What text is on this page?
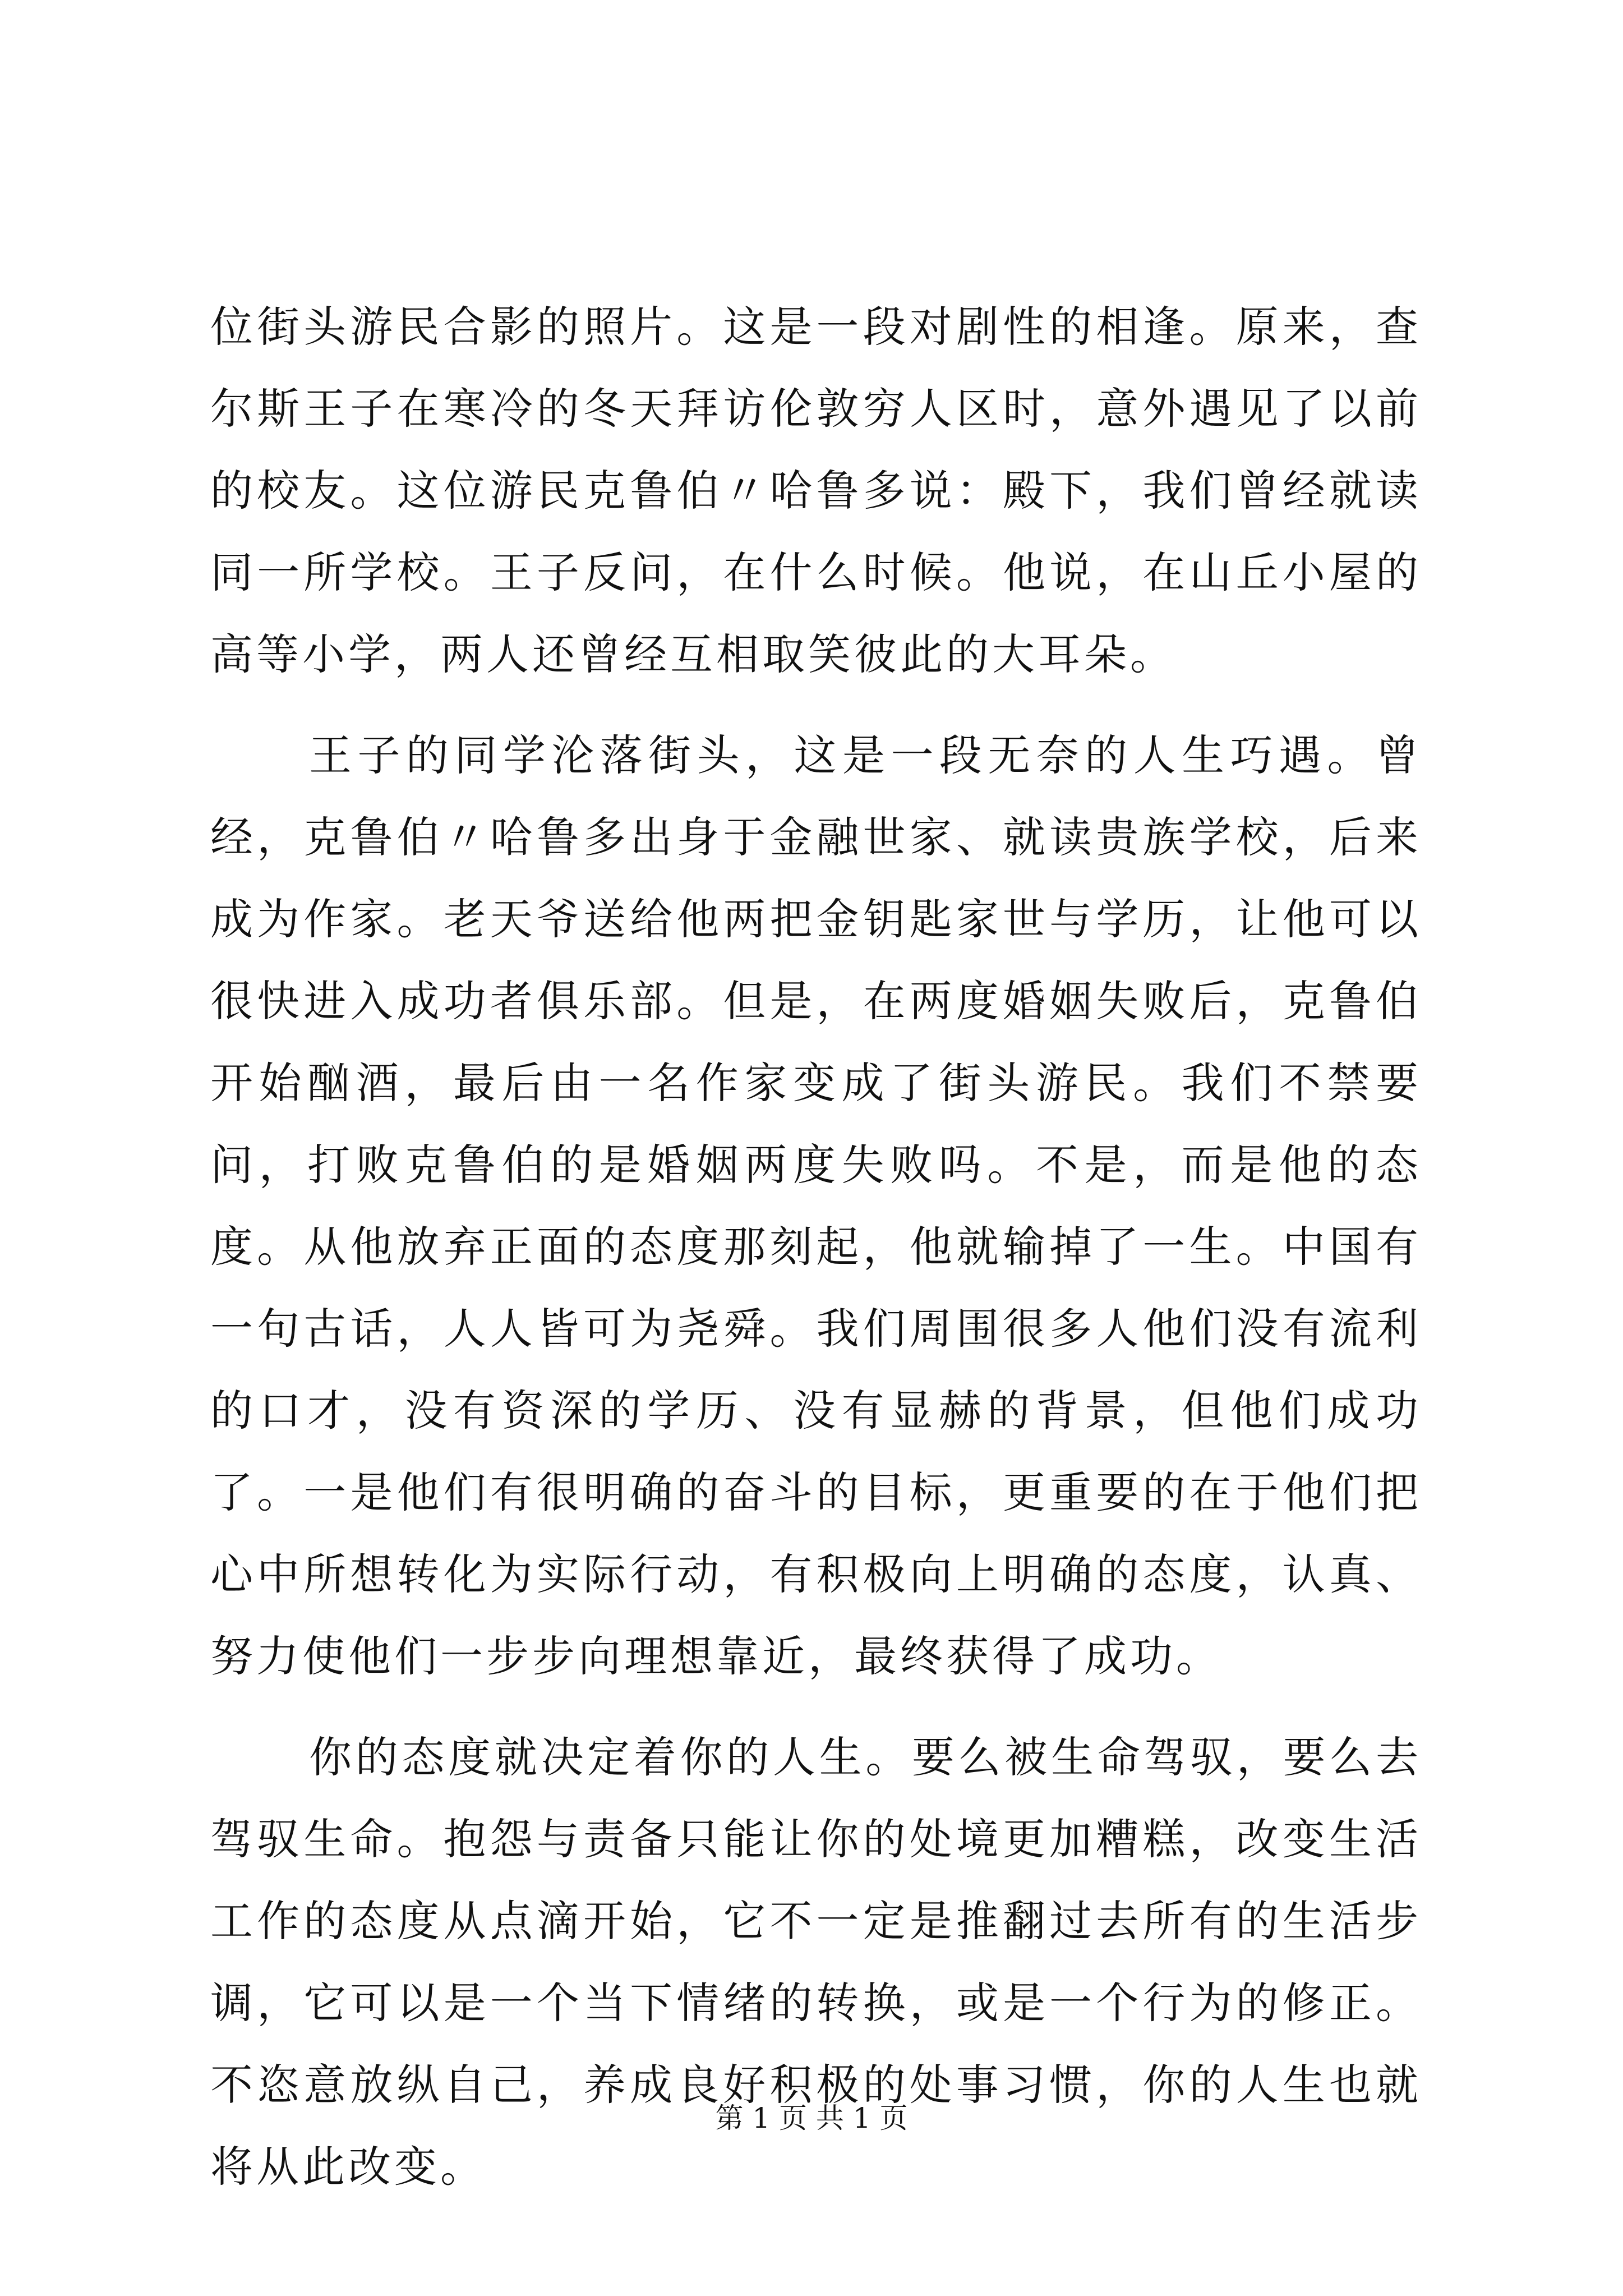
位街头游民合影的照片。这是一段对剧性的相逢。原来，查尔斯王子在寒冷的冬天拜访伦敦穷人区时，意外遇见了以前的校友。这位游民克鲁伯〃哈鲁多说：殿下，我们曾经就读同一所学校。王子反问，在什么时候。他说，在山丘小屋的高等小学，两人还曾经互相取笑彼此的大耳朵。

王子的同学沦落街头，这是一段无奈的人生巧遇。曾经，克鲁伯〃哈鲁多出身于金融世家、就读贵族学校，后来成为作家。老天爷送给他两把金钥匙家世与学历，让他可以很快进入成功者俱乐部。但是，在两度婚姻失败后，克鲁伯开始酗酒，最后由一名作家变成了街头游民。我们不禁要问，打败克鲁伯的是婚姻两度失败吗。不是，而是他的态度。从他放弃正面的态度那刻起，他就输掉了一生。中国有一句古话，人人皆可为尧舜。我们周围很多人他们没有流利的口才，没有资深的学历、没有显赫的背景，但他们成功了。一是他们有很明确的奋斗的目标，更重要的在于他们把心中所想转化为实际行动，有积极向上明确的态度，认真、努力使他们一步步向理想靠近，最终获得了成功。

你的态度就决定着你的人生。要么被生命驾驭，要么去驾驭生命。抱怨与责备只能让你的处境更加糟糕，改变生活工作的态度从点滴开始，它不一定是推翻过去所有的生活步调，它可以是一个当下情绪的转换，或是一个行为的修正。不恣意放纵自己，养成良好积极的处事习惯，你的人生也就将从此改变。

第 1 页 共 1 页
